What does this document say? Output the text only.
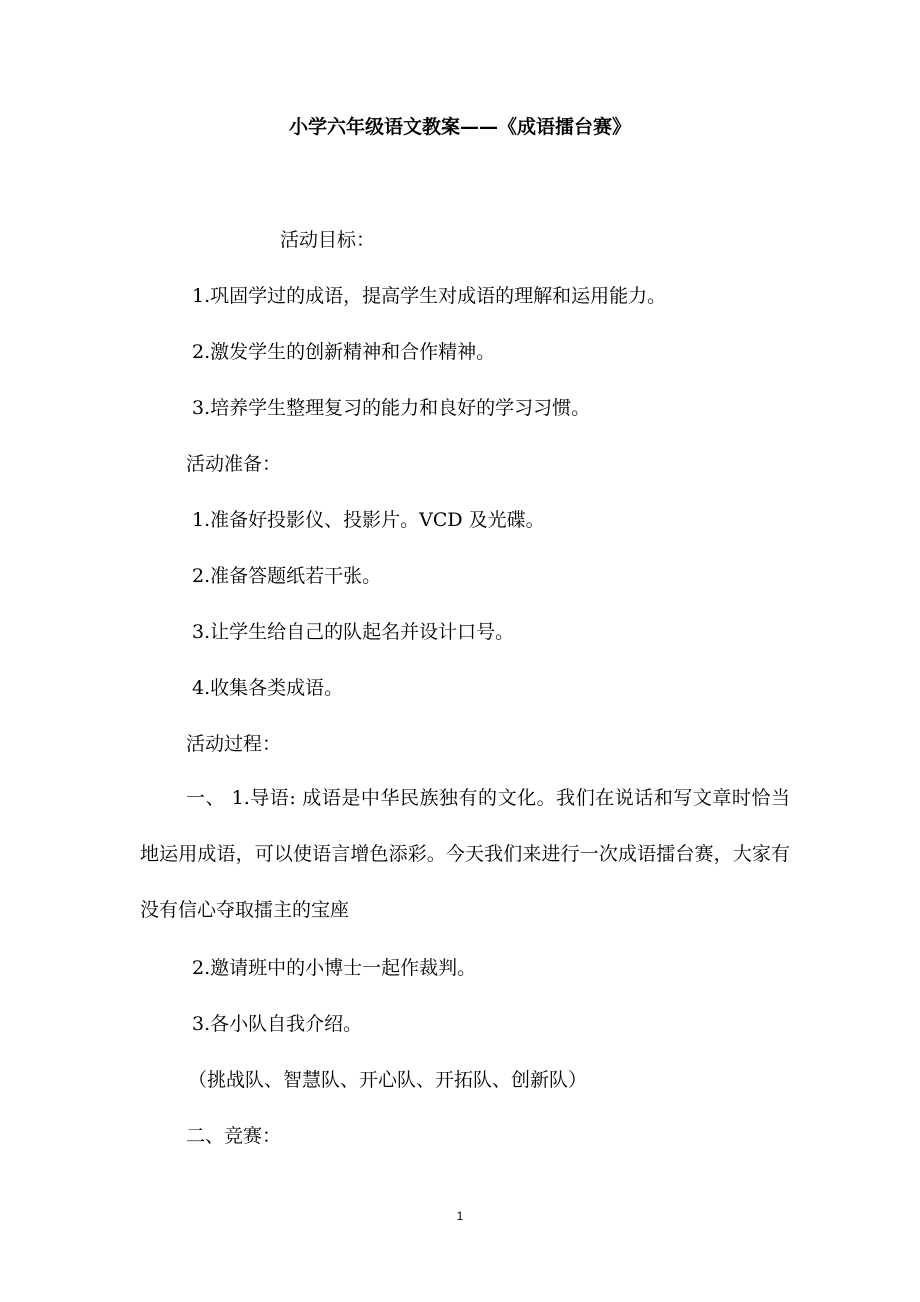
小学六年级语文教案——《成语擂台赛》
活动目标：
1.巩固学过的成语，提高学生对成语的理解和运用能力。
2.激发学生的创新精神和合作精神。
3.培养学生整理复习的能力和良好的学习习惯。
活动准备：
1.准备好投影仪、投影片。VCD 及光碟。
2.准备答题纸若干张。
3.让学生给自己的队起名并设计口号。
4.收集各类成语。
活动过程：
一、 1.导语: 成语是中华民族独有的文化。我们在说话和写文章时恰当地运用成语，可以使语言增色添彩。今天我们来进行一次成语擂台赛，大家有没有信心夺取擂主的宝座
2.邀请班中的小博士一起作裁判。
3.各小队自我介绍。
（挑战队、智慧队、开心队、开拓队、创新队）
二、竞赛：
1
